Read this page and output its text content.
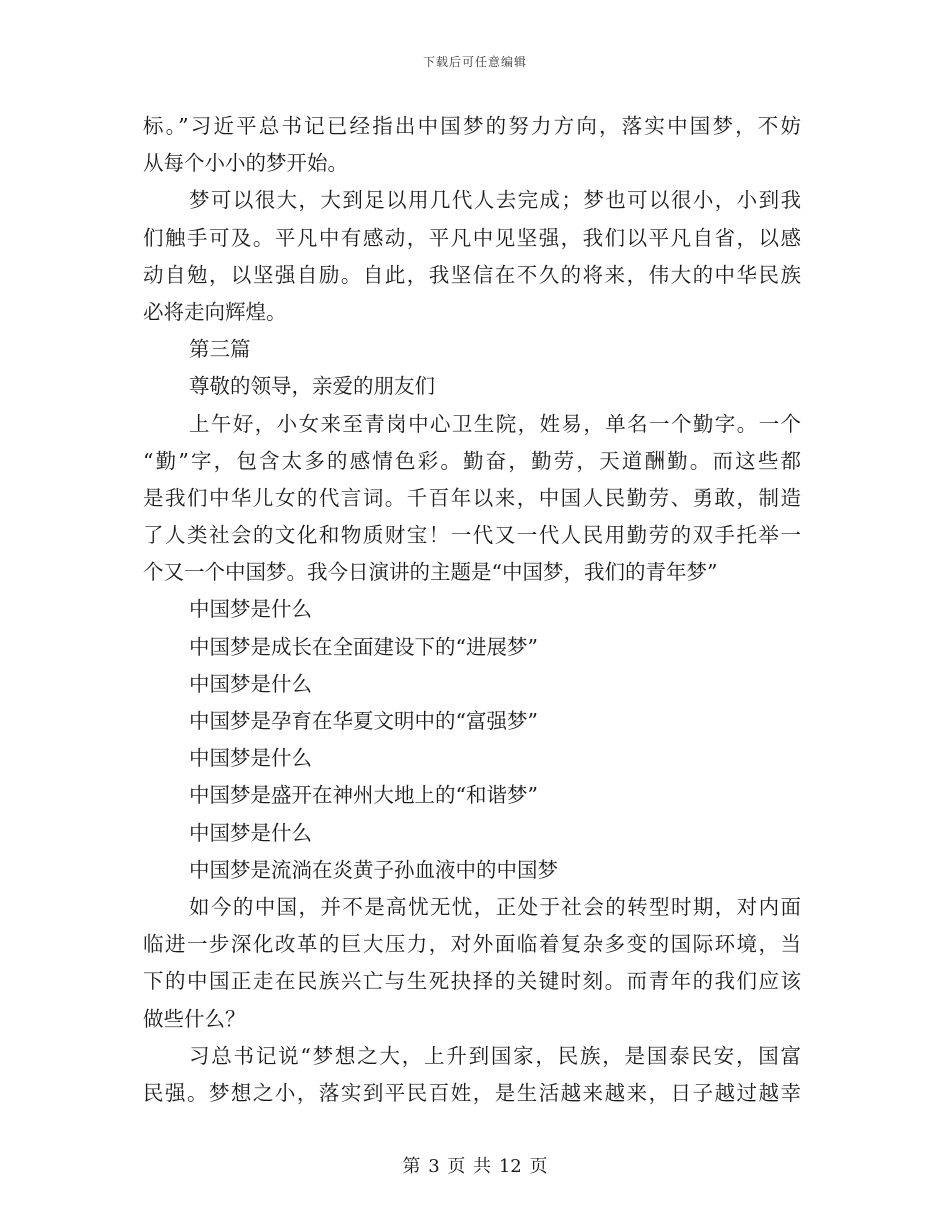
下载后可任意编辑
标。”习近平总书记已经指出中国梦的努力方向，落实中国梦，不妨
从每个小小的梦开始。
梦可以很大，大到足以用几代人去完成；梦也可以很小，小到我
们触手可及。平凡中有感动，平凡中见坚强，我们以平凡自省，以感
动自勉，以坚强自励。自此，我坚信在不久的将来，伟大的中华民族
必将走向辉煌。
第三篇
尊敬的领导，亲爱的朋友们
上午好，小女来至青岗中心卫生院，姓易，单名一个勤字。一个
“勤”字，包含太多的感情色彩。勤奋，勤劳，天道酬勤。而这些都
是我们中华儿女的代言词。千百年以来，中国人民勤劳、勇敢，制造
了人类社会的文化和物质财宝！一代又一代人民用勤劳的双手托举一
个又一个中国梦。我今日演讲的主题是“中国梦，我们的青年梦”
中国梦是什么
中国梦是成长在全面建设下的“进展梦”
中国梦是什么
中国梦是孕育在华夏文明中的“富强梦”
中国梦是什么
中国梦是盛开在神州大地上的“和谐梦”
中国梦是什么
中国梦是流淌在炎黄子孙血液中的中国梦
如今的中国，并不是高忧无忧，正处于社会的转型时期，对内面
临进一步深化改革的巨大压力，对外面临着复杂多变的国际环境，当
下的中国正走在民族兴亡与生死抉择的关键时刻。而青年的我们应该
做些什么？
习总书记说“梦想之大，上升到国家，民族，是国泰民安，国富
民强。梦想之小，落实到平民百姓，是生活越来越来，日子越过越幸
第 3 页 共 12 页
